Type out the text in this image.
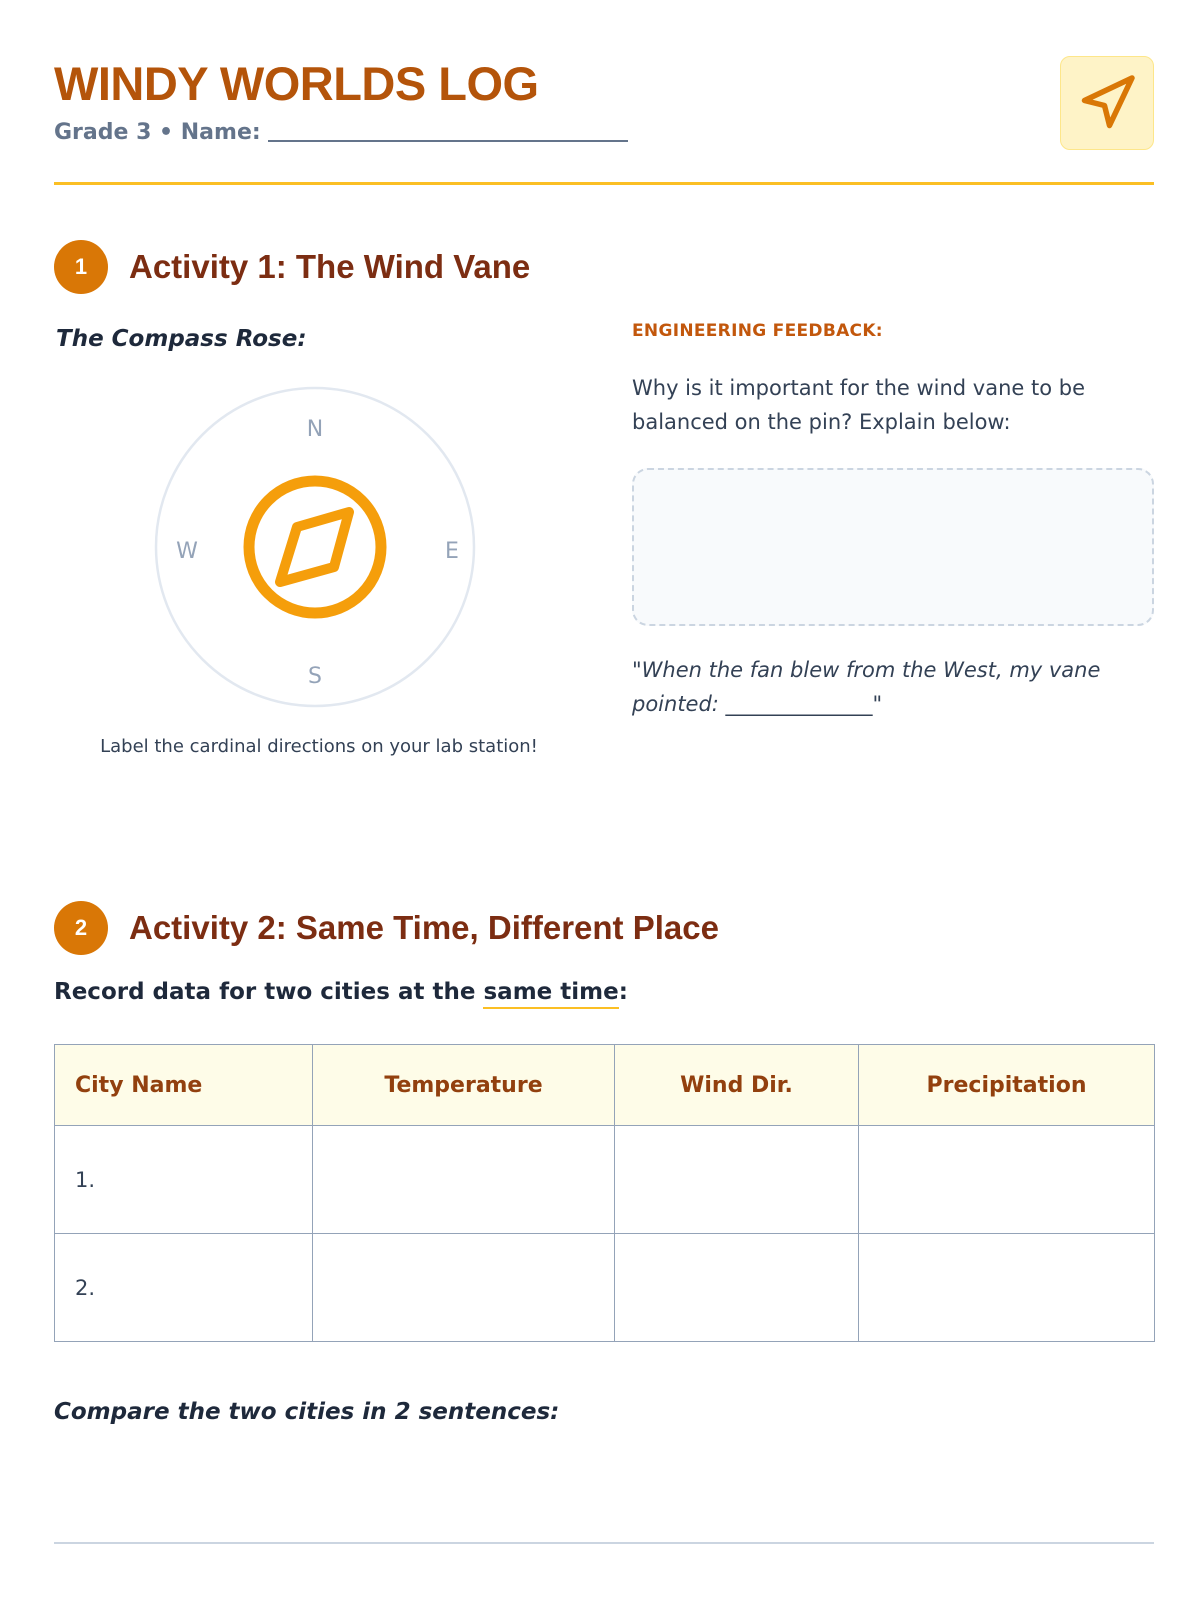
WINDY WORLDS LOG
Grade 3 • Name:
1	Activity 1: The Wind Vane
The Compass Rose:
N
E
S
W
Label the cardinal directions on your lab station!
ENGINEERING FEEDBACK:

Why is it important for the wind vane to be balanced on the pin? Explain below:

"When the fan blew from the West, my vane pointed: ______________"

2	Activity 2: Same Time, Different Place
Record data for two cities at the same time:
City Name	Temperature	Wind Dir.	Precipitation
1.			
2.			
Compare the two cities in 2 sentences:
